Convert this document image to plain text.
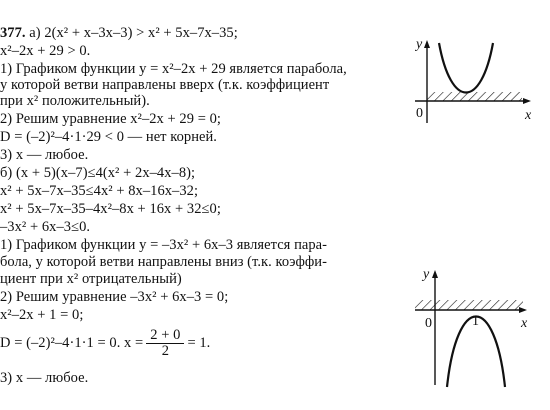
377. а) 2(x² + x–3x–3) > x² + 5x–7x–35;
x²–2x + 29 > 0.
1) Графиком функции y = x²–2x + 29 является парабола,
у которой ветви направлены вверх (т.к. коэффициент
при x² положительный).
2) Решим уравнение x²–2x + 29 = 0;
D = (–2)²–4·1·29 < 0 — нет корней.
3) x — любое.
б) (x + 5)(x–7)≤4(x² + 2x–4x–8);
x² + 5x–7x–35≤4x² + 8x–16x–32;
x² + 5x–7x–35–4x²–8x + 16x + 32≤0;
–3x² + 6x–3≤0.
1) Графиком функции y = –3x² + 6x–3 является пара-
бола, у которой ветви направлены вниз (т.к. коэффи-
циент при x² отрицательный)
2) Решим уравнение –3x² + 6x–3 = 0;
x²–2x + 1 = 0;
D = (–2)²–4·1·1 = 0. $x = \frac{2 + 0}{2} = 1$.
3) x — любое.
y
x
0
y
x
0	1
